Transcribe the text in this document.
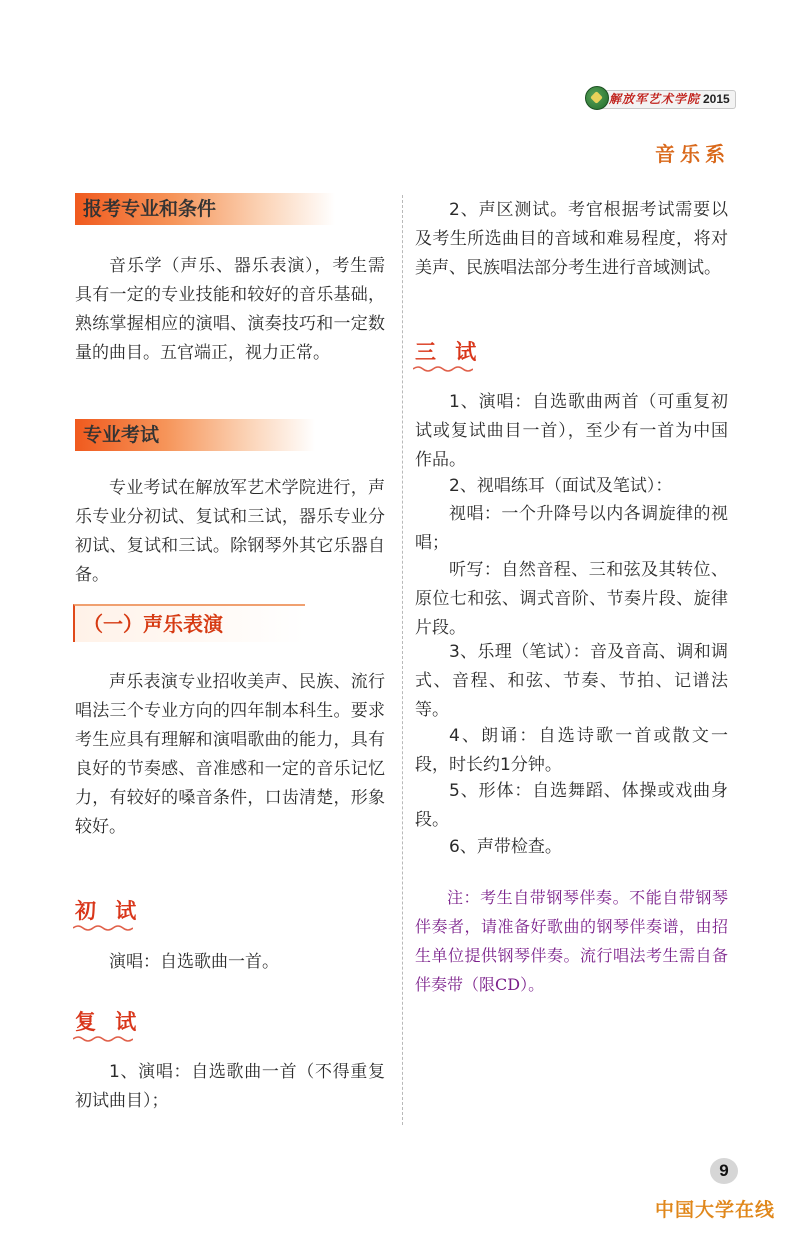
解放军艺术学院 2015
音乐系
报考专业和条件

音乐学（声乐、器乐表演），考生需具有一定的专业技能和较好的音乐基础，熟练掌握相应的演唱、演奏技巧和一定数量的曲目。五官端正，视力正常。

专业考试

专业考试在解放军艺术学院进行，声乐专业分初试、复试和三试，器乐专业分初试、复试和三试。除钢琴外其它乐器自备。

（一）声乐表演

声乐表演专业招收美声、民族、流行唱法三个专业方向的四年制本科生。要求考生应具有理解和演唱歌曲的能力，具有良好的节奏感、音准感和一定的音乐记忆力，有较好的嗓音条件，口齿清楚，形象较好。

初 试

演唱：自选歌曲一首。

复 试

1、演唱：自选歌曲一首（不得重复初试曲目）；

2、声区测试。考官根据考试需要以及考生所选曲目的音域和难易程度，将对美声、民族唱法部分考生进行音域测试。

三 试

1、演唱：自选歌曲两首（可重复初试或复试曲目一首），至少有一首为中国作品。

2、视唱练耳（面试及笔试）：

视唱：一个升降号以内各调旋律的视唱；

听写：自然音程、三和弦及其转位、原位七和弦、调式音阶、节奏片段、旋律片段。

3、乐理（笔试）：音及音高、调和调式、音程、和弦、节奏、节拍、记谱法等。

4、朗诵：自选诗歌一首或散文一段，时长约1分钟。

5、形体：自选舞蹈、体操或戏曲身段。

6、声带检查。

注：考生自带钢琴伴奏。不能自带钢琴伴奏者，请准备好歌曲的钢琴伴奏谱，由招生单位提供钢琴伴奏。流行唱法考生需自备伴奏带（限CD）。

9
中国大学在线
